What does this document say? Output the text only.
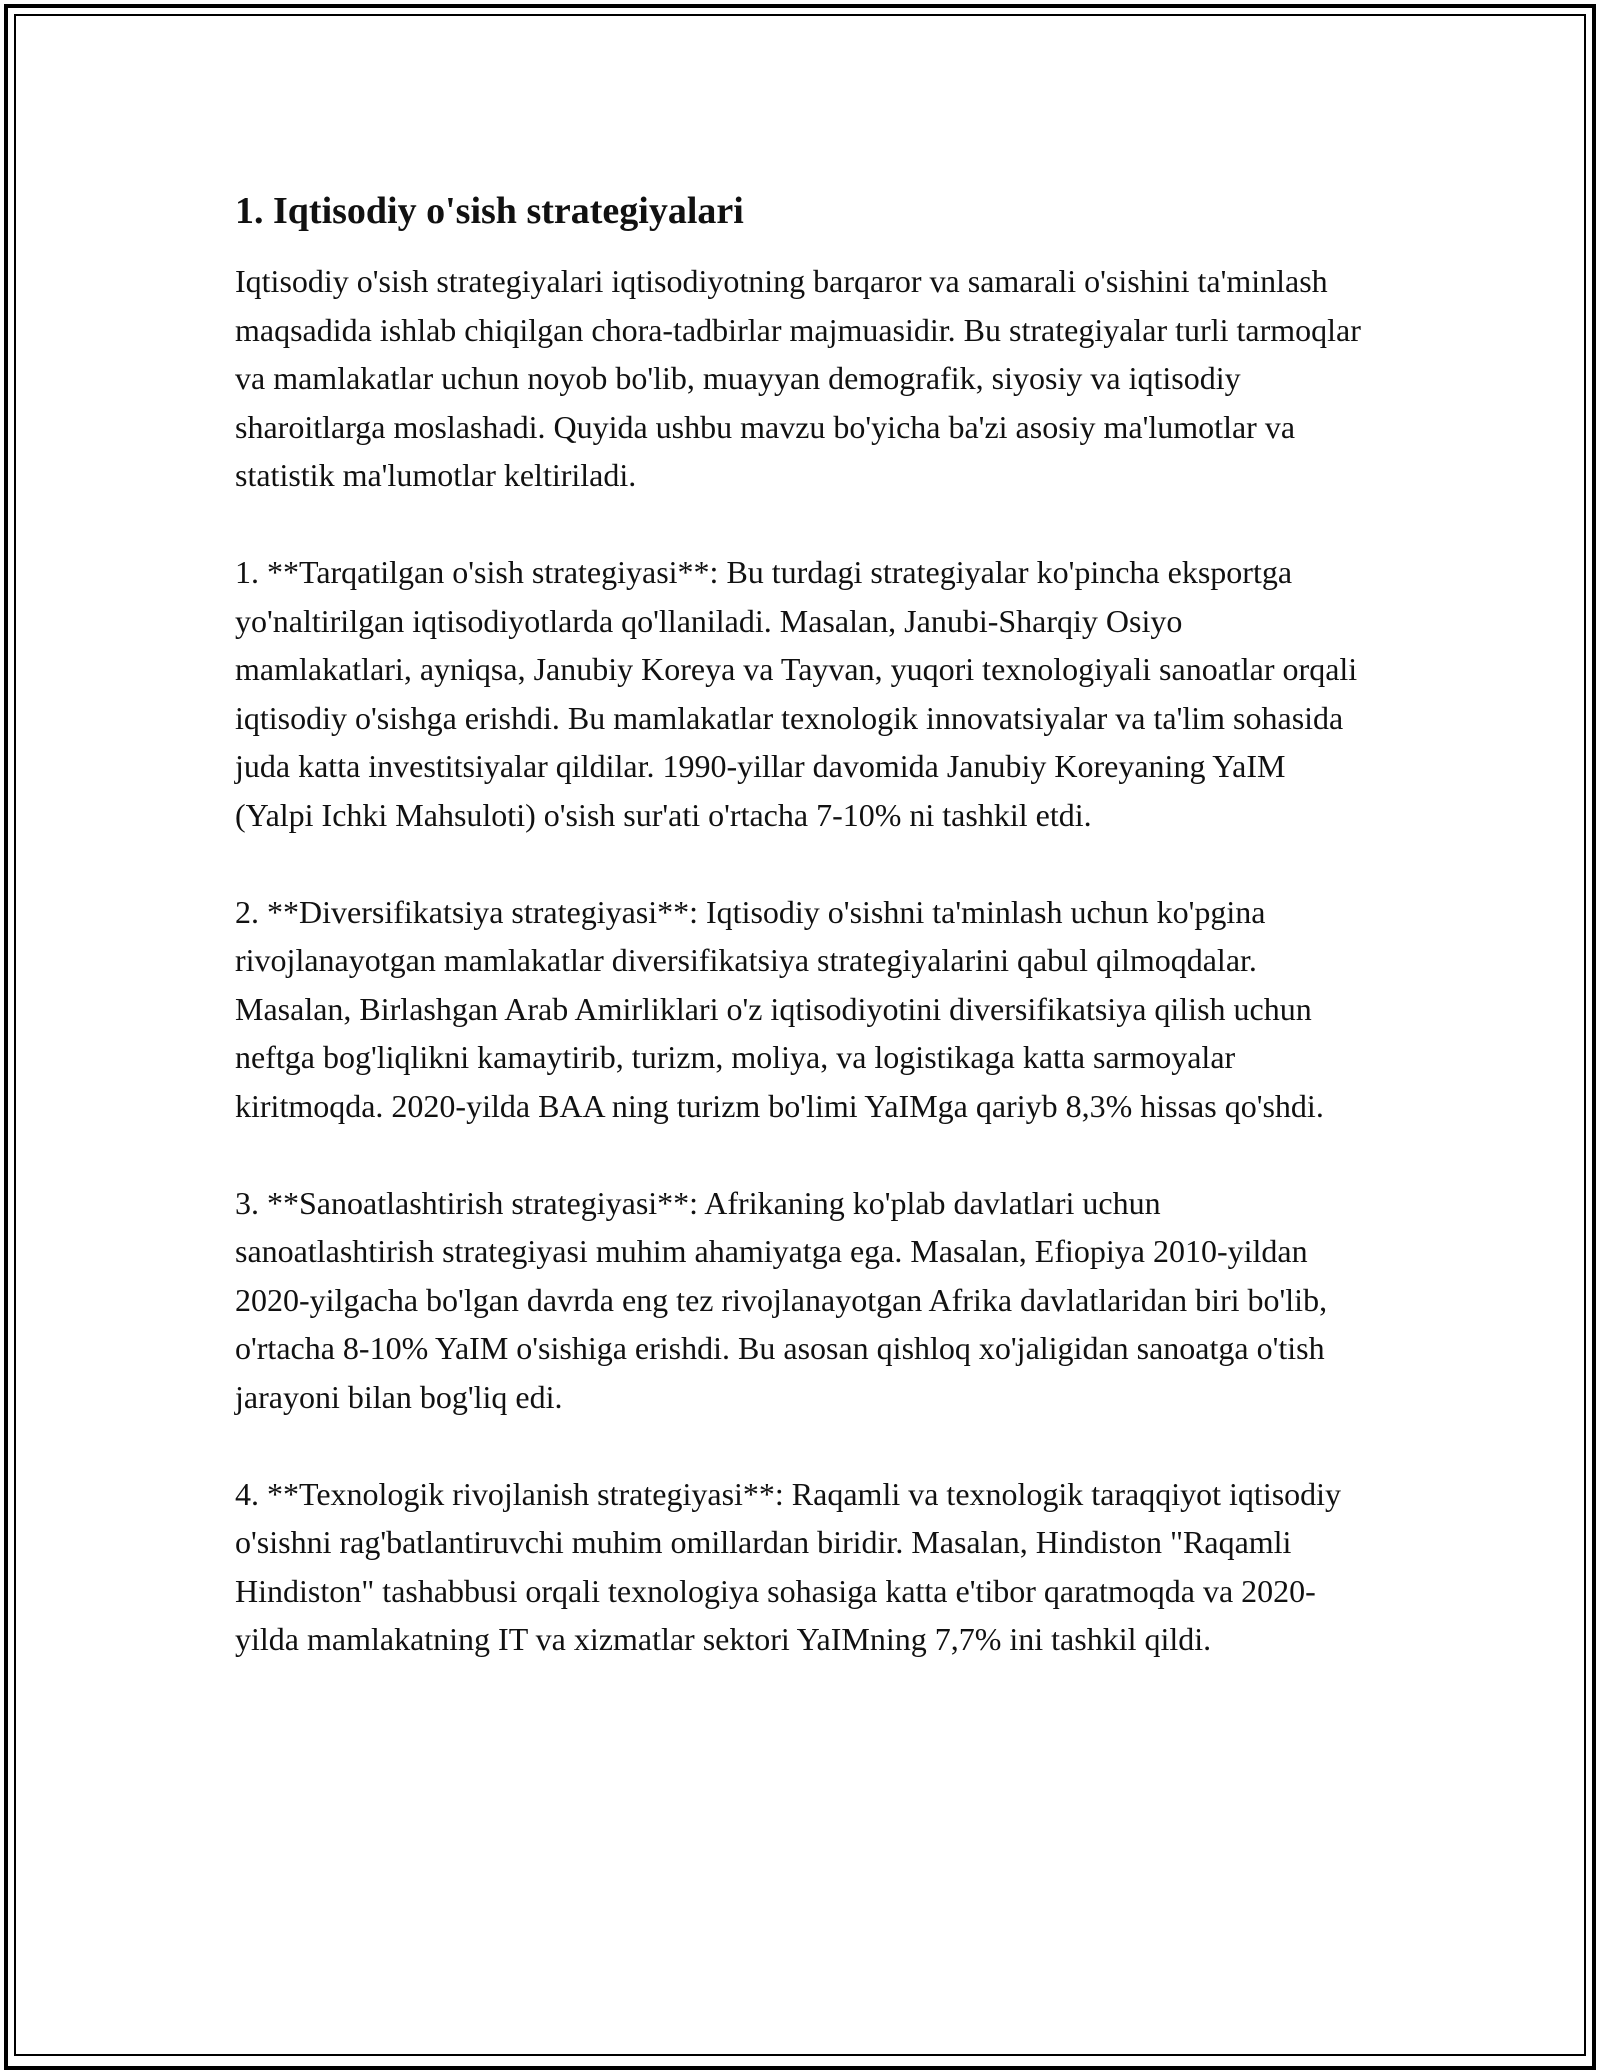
1. Iqtisodiy o'sish strategiyalari

Iqtisodiy o'sish strategiyalari iqtisodiyotning barqaror va samarali o'sishini ta'minlash maqsadida ishlab chiqilgan chora-tadbirlar majmuasidir. Bu strategiyalar turli tarmoqlar va mamlakatlar uchun noyob bo'lib, muayyan demografik, siyosiy va iqtisodiy sharoitlarga moslashadi. Quyida ushbu mavzu bo'yicha ba'zi asosiy ma'lumotlar va statistik ma'lumotlar keltiriladi.

1. **Tarqatilgan o'sish strategiyasi**: Bu turdagi strategiyalar ko'pincha eksportga yo'naltirilgan iqtisodiyotlarda qo'llaniladi. Masalan, Janubi-Sharqiy Osiyo mamlakatlari, ayniqsa, Janubiy Koreya va Tayvan, yuqori texnologiyali sanoatlar orqali iqtisodiy o'sishga erishdi. Bu mamlakatlar texnologik innovatsiyalar va ta'lim sohasida juda katta investitsiyalar qildilar. 1990-yillar davomida Janubiy Koreyaning YaIM (Yalpi Ichki Mahsuloti) o'sish sur'ati o'rtacha 7-10% ni tashkil etdi.

2. **Diversifikatsiya strategiyasi**: Iqtisodiy o'sishni ta'minlash uchun ko'pgina rivojlanayotgan mamlakatlar diversifikatsiya strategiyalarini qabul qilmoqdalar. Masalan, Birlashgan Arab Amirliklari o'z iqtisodiyotini diversifikatsiya qilish uchun neftga bog'liqlikni kamaytirib, turizm, moliya, va logistikaga katta sarmoyalar kiritmoqda. 2020-yilda BAA ning turizm bo'limi YaIMga qariyb 8,3% hissas qo'shdi.

3. **Sanoatlashtirish strategiyasi**: Afrikaning ko'plab davlatlari uchun sanoatlashtirish strategiyasi muhim ahamiyatga ega. Masalan, Efiopiya 2010-yildan 2020-yilgacha bo'lgan davrda eng tez rivojlanayotgan Afrika davlatlaridan biri bo'lib, o'rtacha 8-10% YaIM o'sishiga erishdi. Bu asosan qishloq xo'jaligidan sanoatga o'tish jarayoni bilan bog'liq edi.

4. **Texnologik rivojlanish strategiyasi**: Raqamli va texnologik taraqqiyot iqtisodiy o'sishni rag'batlantiruvchi muhim omillardan biridir. Masalan, Hindiston "Raqamli Hindiston" tashabbusi orqali texnologiya sohasiga katta e'tibor qaratmoqda va 2020-yilda mamlakatning IT va xizmatlar sektori YaIMning 7,7% ini tashkil qildi.
